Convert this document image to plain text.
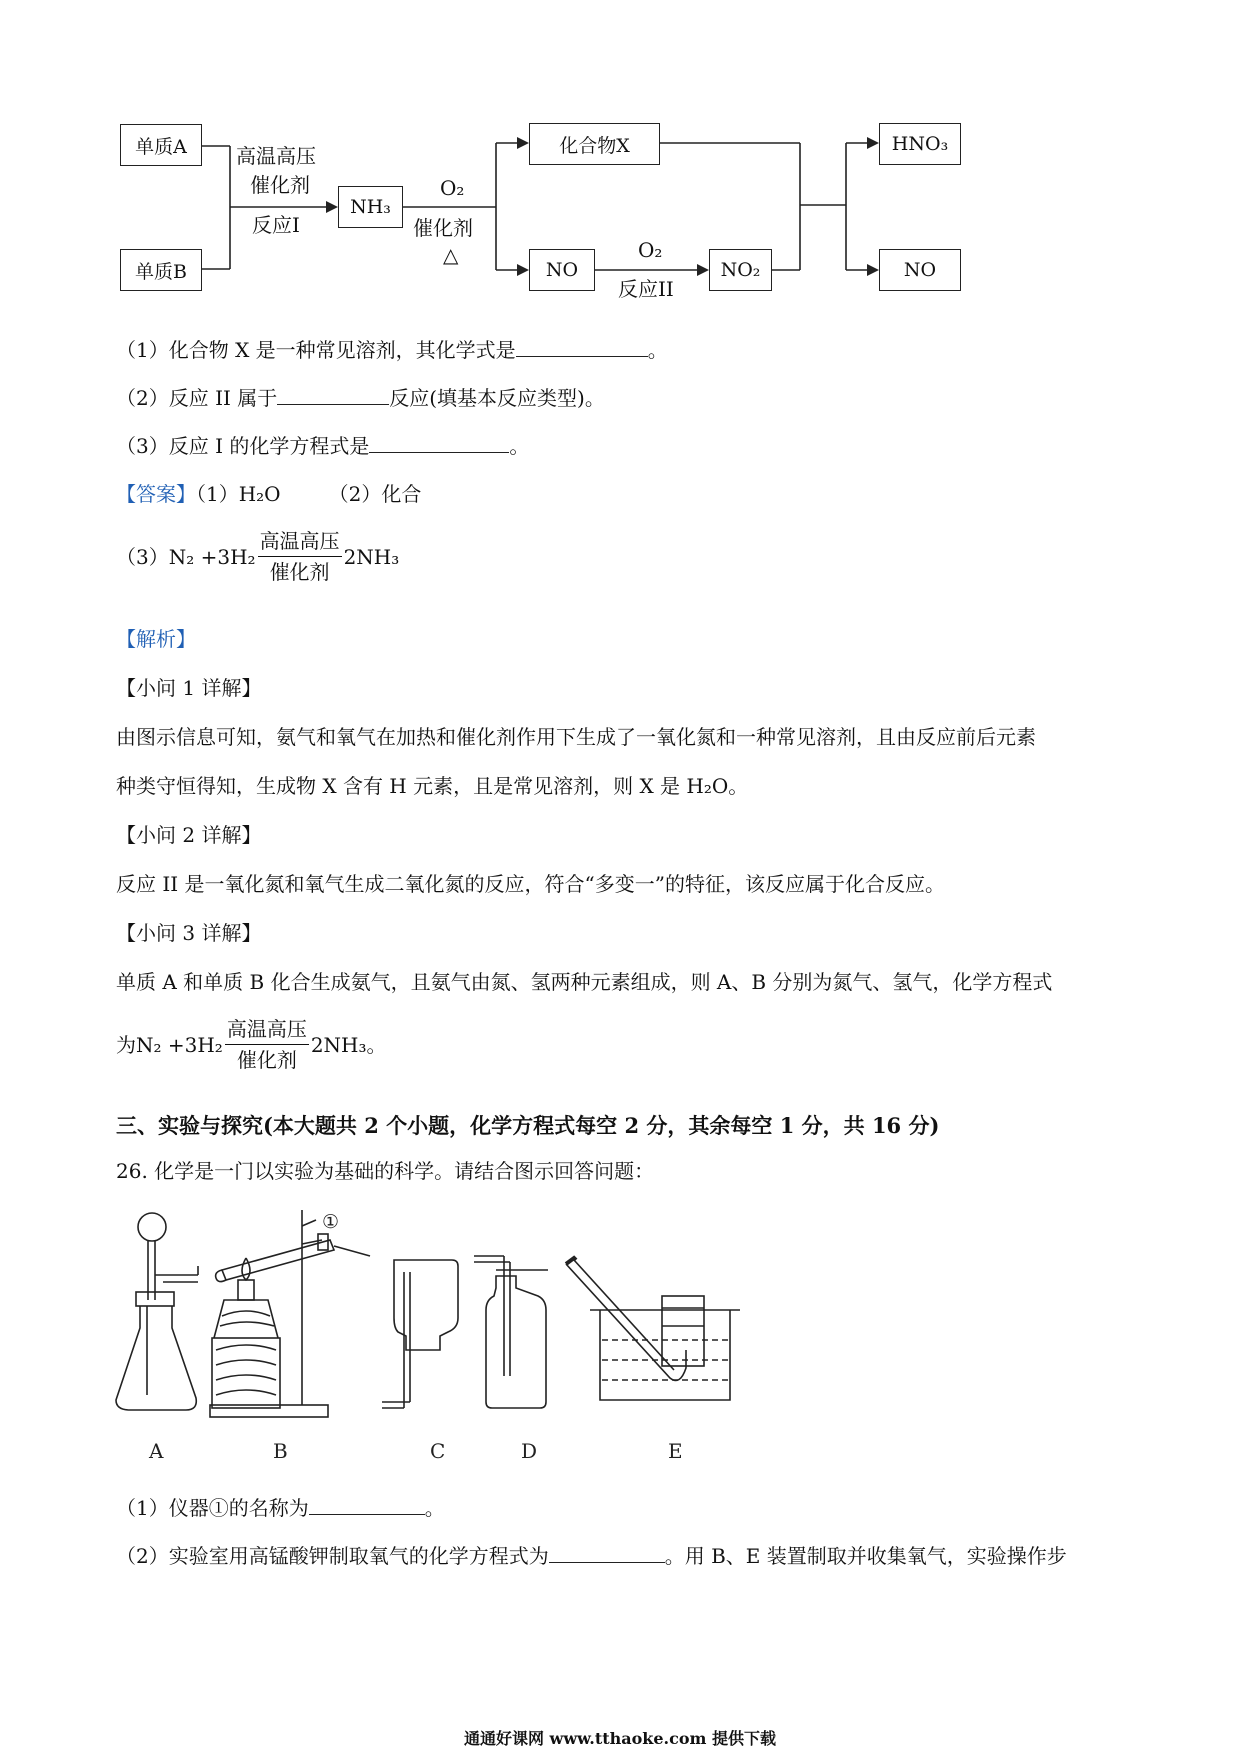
单质A
单质B
高温高压
催化剂
反应I
NH₃
O₂
催化剂
△
化合物X
NO
O₂
反应II
NO₂
HNO₃
NO
（1）化合物 X 是一种常见溶剂，其化学式是	。
（2）反应 II 属于	反应(填基本反应类型)。
（3）反应 I 的化学方程式是	。
【答案】（1）H₂O （2）化合
（3） $N_2 +3H_2 \frac{\text{高温高压}}{\text{催化剂}} 2NH_3$
【解析】
【小问 1 详解】
由图示信息可知，氨气和氧气在加热和催化剂作用下生成了一氧化氮和一种常见溶剂，且由反应前后元素
种类守恒得知，生成物 X 含有 H 元素，且是常见溶剂，则 X 是 H₂O。
【小问 2 详解】
反应 II 是一氧化氮和氧气生成二氧化氮的反应，符合“多变一”的特征，该反应属于化合反应。
【小问 3 详解】
单质 A 和单质 B 化合生成氨气，且氨气由氮、氢两种元素组成，则 A、B 分别为氮气、氢气，化学方程式
为 $N_2 +3H_2 \frac{\text{高温高压}}{\text{催化剂}} 2NH_3$ 。
三、实验与探究(本大题共 2 个小题，化学方程式每空 2 分，其余每空 1 分，共 16 分)
26. 化学是一门以实验为基础的科学。请结合图示回答问题：
①
A	B	C	D	E
（1）仪器①的名称为	。
（2）实验室用高锰酸钾制取氧气的化学方程式为	。用 B、E 装置制取并收集氧气，实验操作步
通通好课网 www.tthaoke.com 提供下载
